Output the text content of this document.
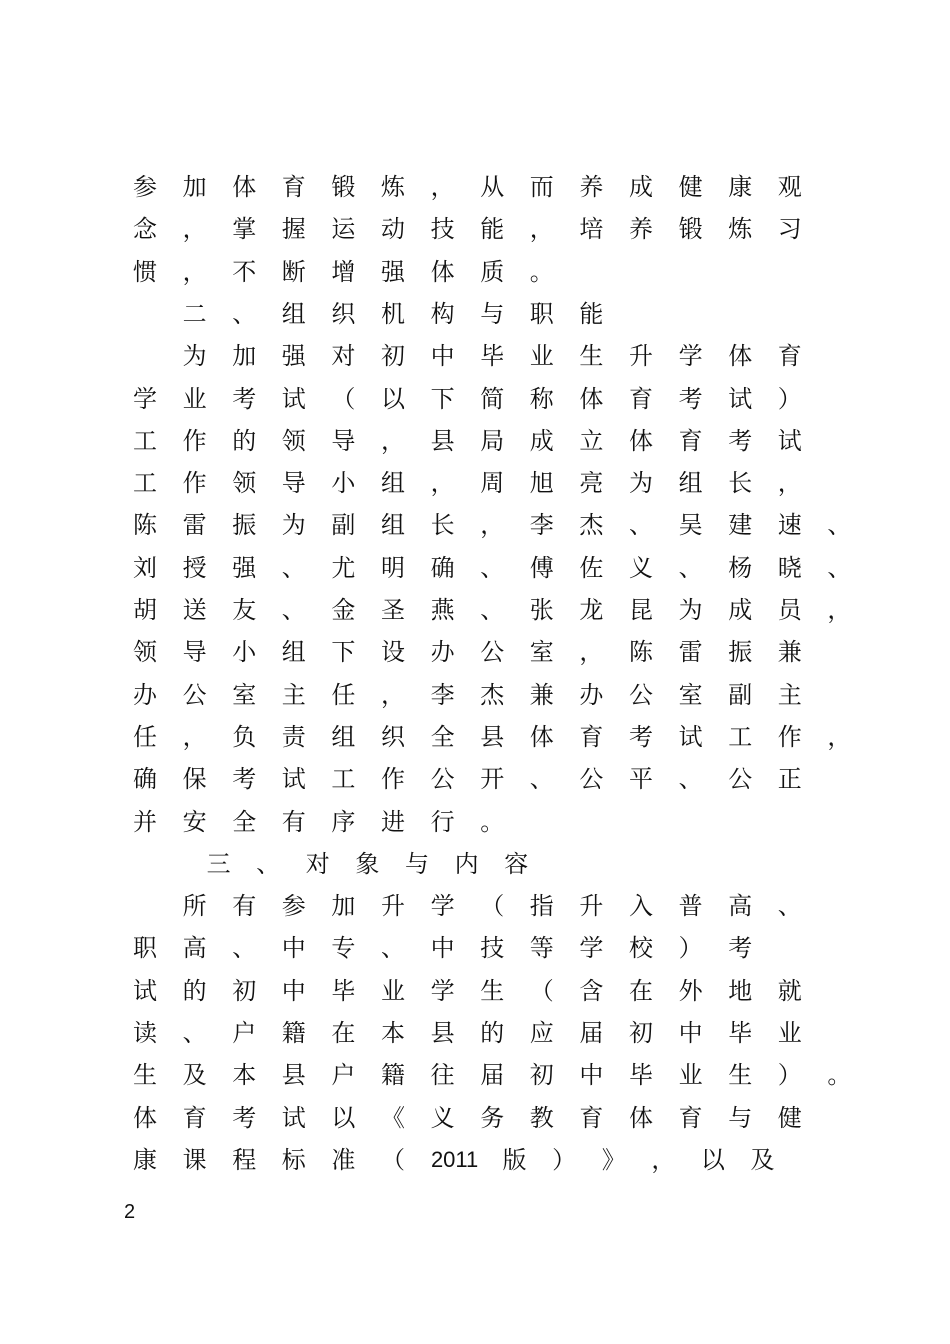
参 加 体 育 锻 炼 ， 从 而 养 成 健 康 观
念 ， 掌 握 运 动 技 能 ， 培 养 锻 炼 习
惯 ， 不 断 增 强 体 质 。
二 、 组 织 机 构 与 职 能
为 加 强 对 初 中 毕 业 生 升 学 体 育
学 业 考 试 （ 以 下 简 称 体 育 考 试 ）
工 作 的 领 导 ， 县 局 成 立 体 育 考 试
工 作 领 导 小 组 ， 周 旭 亮 为 组 长 ，
陈 雷 振 为 副 组 长 ， 李 杰 、 吴 建 速 、
刘 授 强 、 尤 明 确 、 傅 佐 义 、 杨 晓 、
胡 送 友 、 金 圣 燕 、 张 龙 昆 为 成 员 ，
领 导 小 组 下 设 办 公 室 ， 陈 雷 振 兼
办 公 室 主 任 ， 李 杰 兼 办 公 室 副 主
任 ， 负 责 组 织 全 县 体 育 考 试 工 作 ，
确 保 考 试 工 作 公 开 、 公 平 、 公 正
并 安 全 有 序 进 行 。
三 、 对 象 与 内 容
所 有 参 加 升 学 （ 指 升 入 普 高 、
职 高 、 中 专 、 中 技 等 学 校 ） 考
试 的 初 中 毕 业 学 生 （ 含 在 外 地 就
读 、 户 籍 在 本 县 的 应 届 初 中 毕 业
生 及 本 县 户 籍 往 届 初 中 毕 业 生 ） 。
体 育 考 试 以 《 义 务 教 育 体 育 与 健
康 课 程 标 准 （ 2011 版 ） 》 ， 以 及
2
